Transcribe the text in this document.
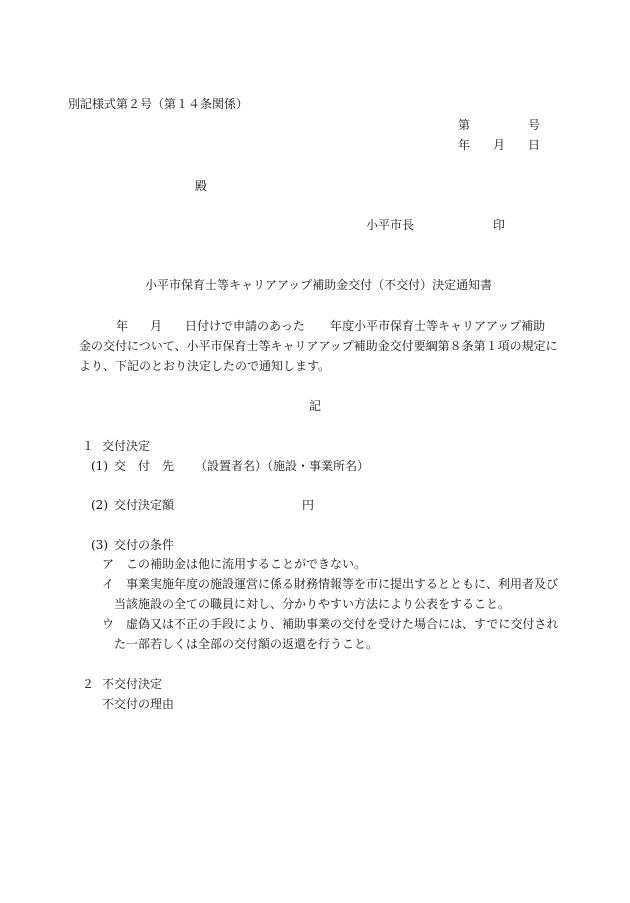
別記様式第２号（第１４条関係）
第	号
年 月 日
殿
小平市長	印
小平市保育士等キャリアアップ補助金交付（不交付）決定通知書
年 月 日付けで申請のあった 年度小平市保育士等キャリアアップ補助
金の交付について、小平市保育士等キャリアアップ補助金交付要綱第８条第１項の規定に
より、下記のとおり決定したので通知します。
記
１ 交付決定
(1) 交　付　先 （設置者名）（施設・事業所名）
(2) 交付決定額	円
(3) 交付の条件
ア この補助金は他に流用することができない。
イ 事業実施年度の施設運営に係る財務情報等を市に提出するとともに、利用者及び
当該施設の全ての職員に対し、分かりやすい方法により公表をすること。
ウ 虚偽又は不正の手段により、補助事業の交付を受けた場合には、すでに交付され
た一部若しくは全部の交付額の返還を行うこと。
２ 不交付決定
不交付の理由
